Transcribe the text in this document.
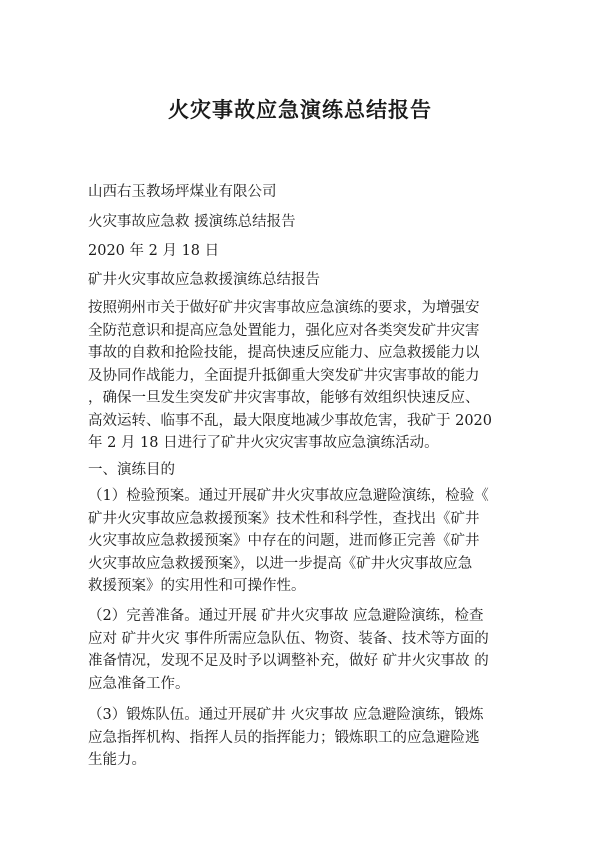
火灾事故应急演练总结报告
山西右玉教场坪煤业有限公司
火灾事故应急救 援演练总结报告
2020 年 2 月 18 日
矿井火灾事故应急救援演练总结报告
按照朔州市关于做好矿井灾害事故应急演练的要求，为增强安
全防范意识和提高应急处置能力，强化应对各类突发矿井灾害
事故的自救和抢险技能，提高快速反应能力、应急救援能力以
及协同作战能力，全面提升抵御重大突发矿井灾害事故的能力
，确保一旦发生突发矿井灾害事故，能够有效组织快速反应、
高效运转、临事不乱，最大限度地减少事故危害，我矿于 2020
年 2 月 18 日进行了矿井火灾灾害事故应急演练活动。
一、演练目的
（1）检验预案。通过开展矿井火灾事故应急避险演练，检验《
矿井火灾事故应急救援预案》技术性和科学性，查找出《矿井
火灾事故应急救援预案》中存在的问题，进而修正完善《矿井
火灾事故应急救援预案》，以进一步提高《矿井火灾事故应急
救援预案》的实用性和可操作性。
（2）完善准备。通过开展 矿井火灾事故 应急避险演练，检查
应对 矿井火灾 事件所需应急队伍、物资、装备、技术等方面的
准备情况，发现不足及时予以调整补充，做好 矿井火灾事故 的
应急准备工作。
（3）锻炼队伍。通过开展矿井 火灾事故 应急避险演练，锻炼
应急指挥机构、指挥人员的指挥能力；锻炼职工的应急避险逃
生能力。
